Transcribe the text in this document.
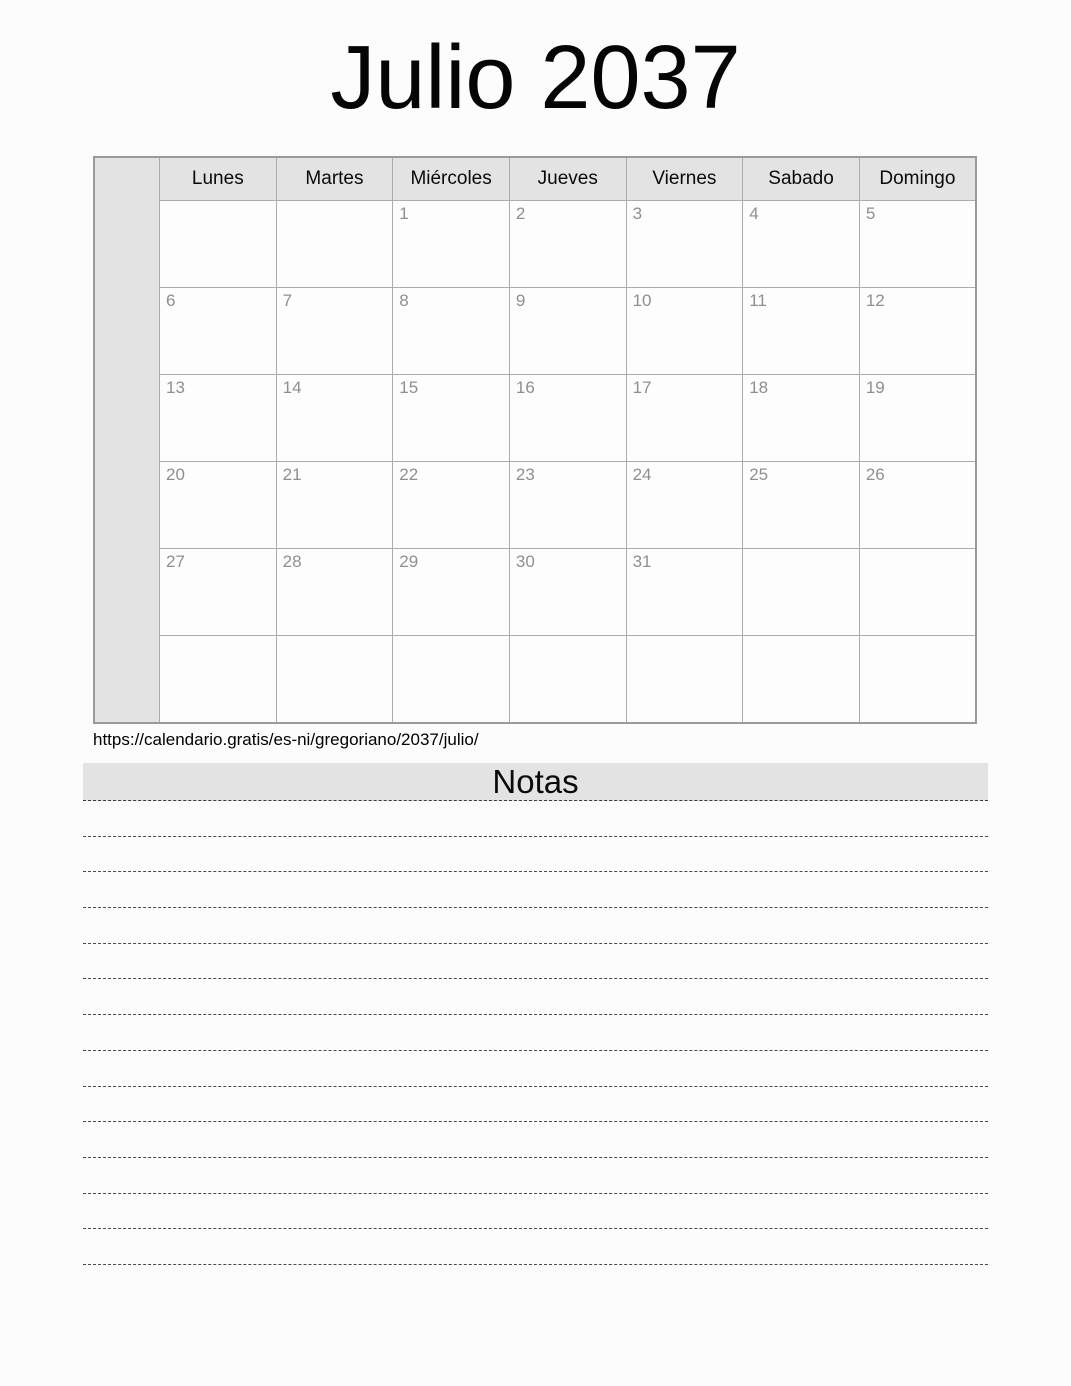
Julio 2037
	Lunes	Martes	Miércoles	Jueves	Viernes	Sabado	Domingo
			1	2	3	4	5
	6	7	8	9	10	11	12
	13	14	15	16	17	18	19
	20	21	22	23	24	25	26
	27	28	29	30	31		

https://calendario.gratis/es-ni/gregoriano/2037/julio/
Notas
